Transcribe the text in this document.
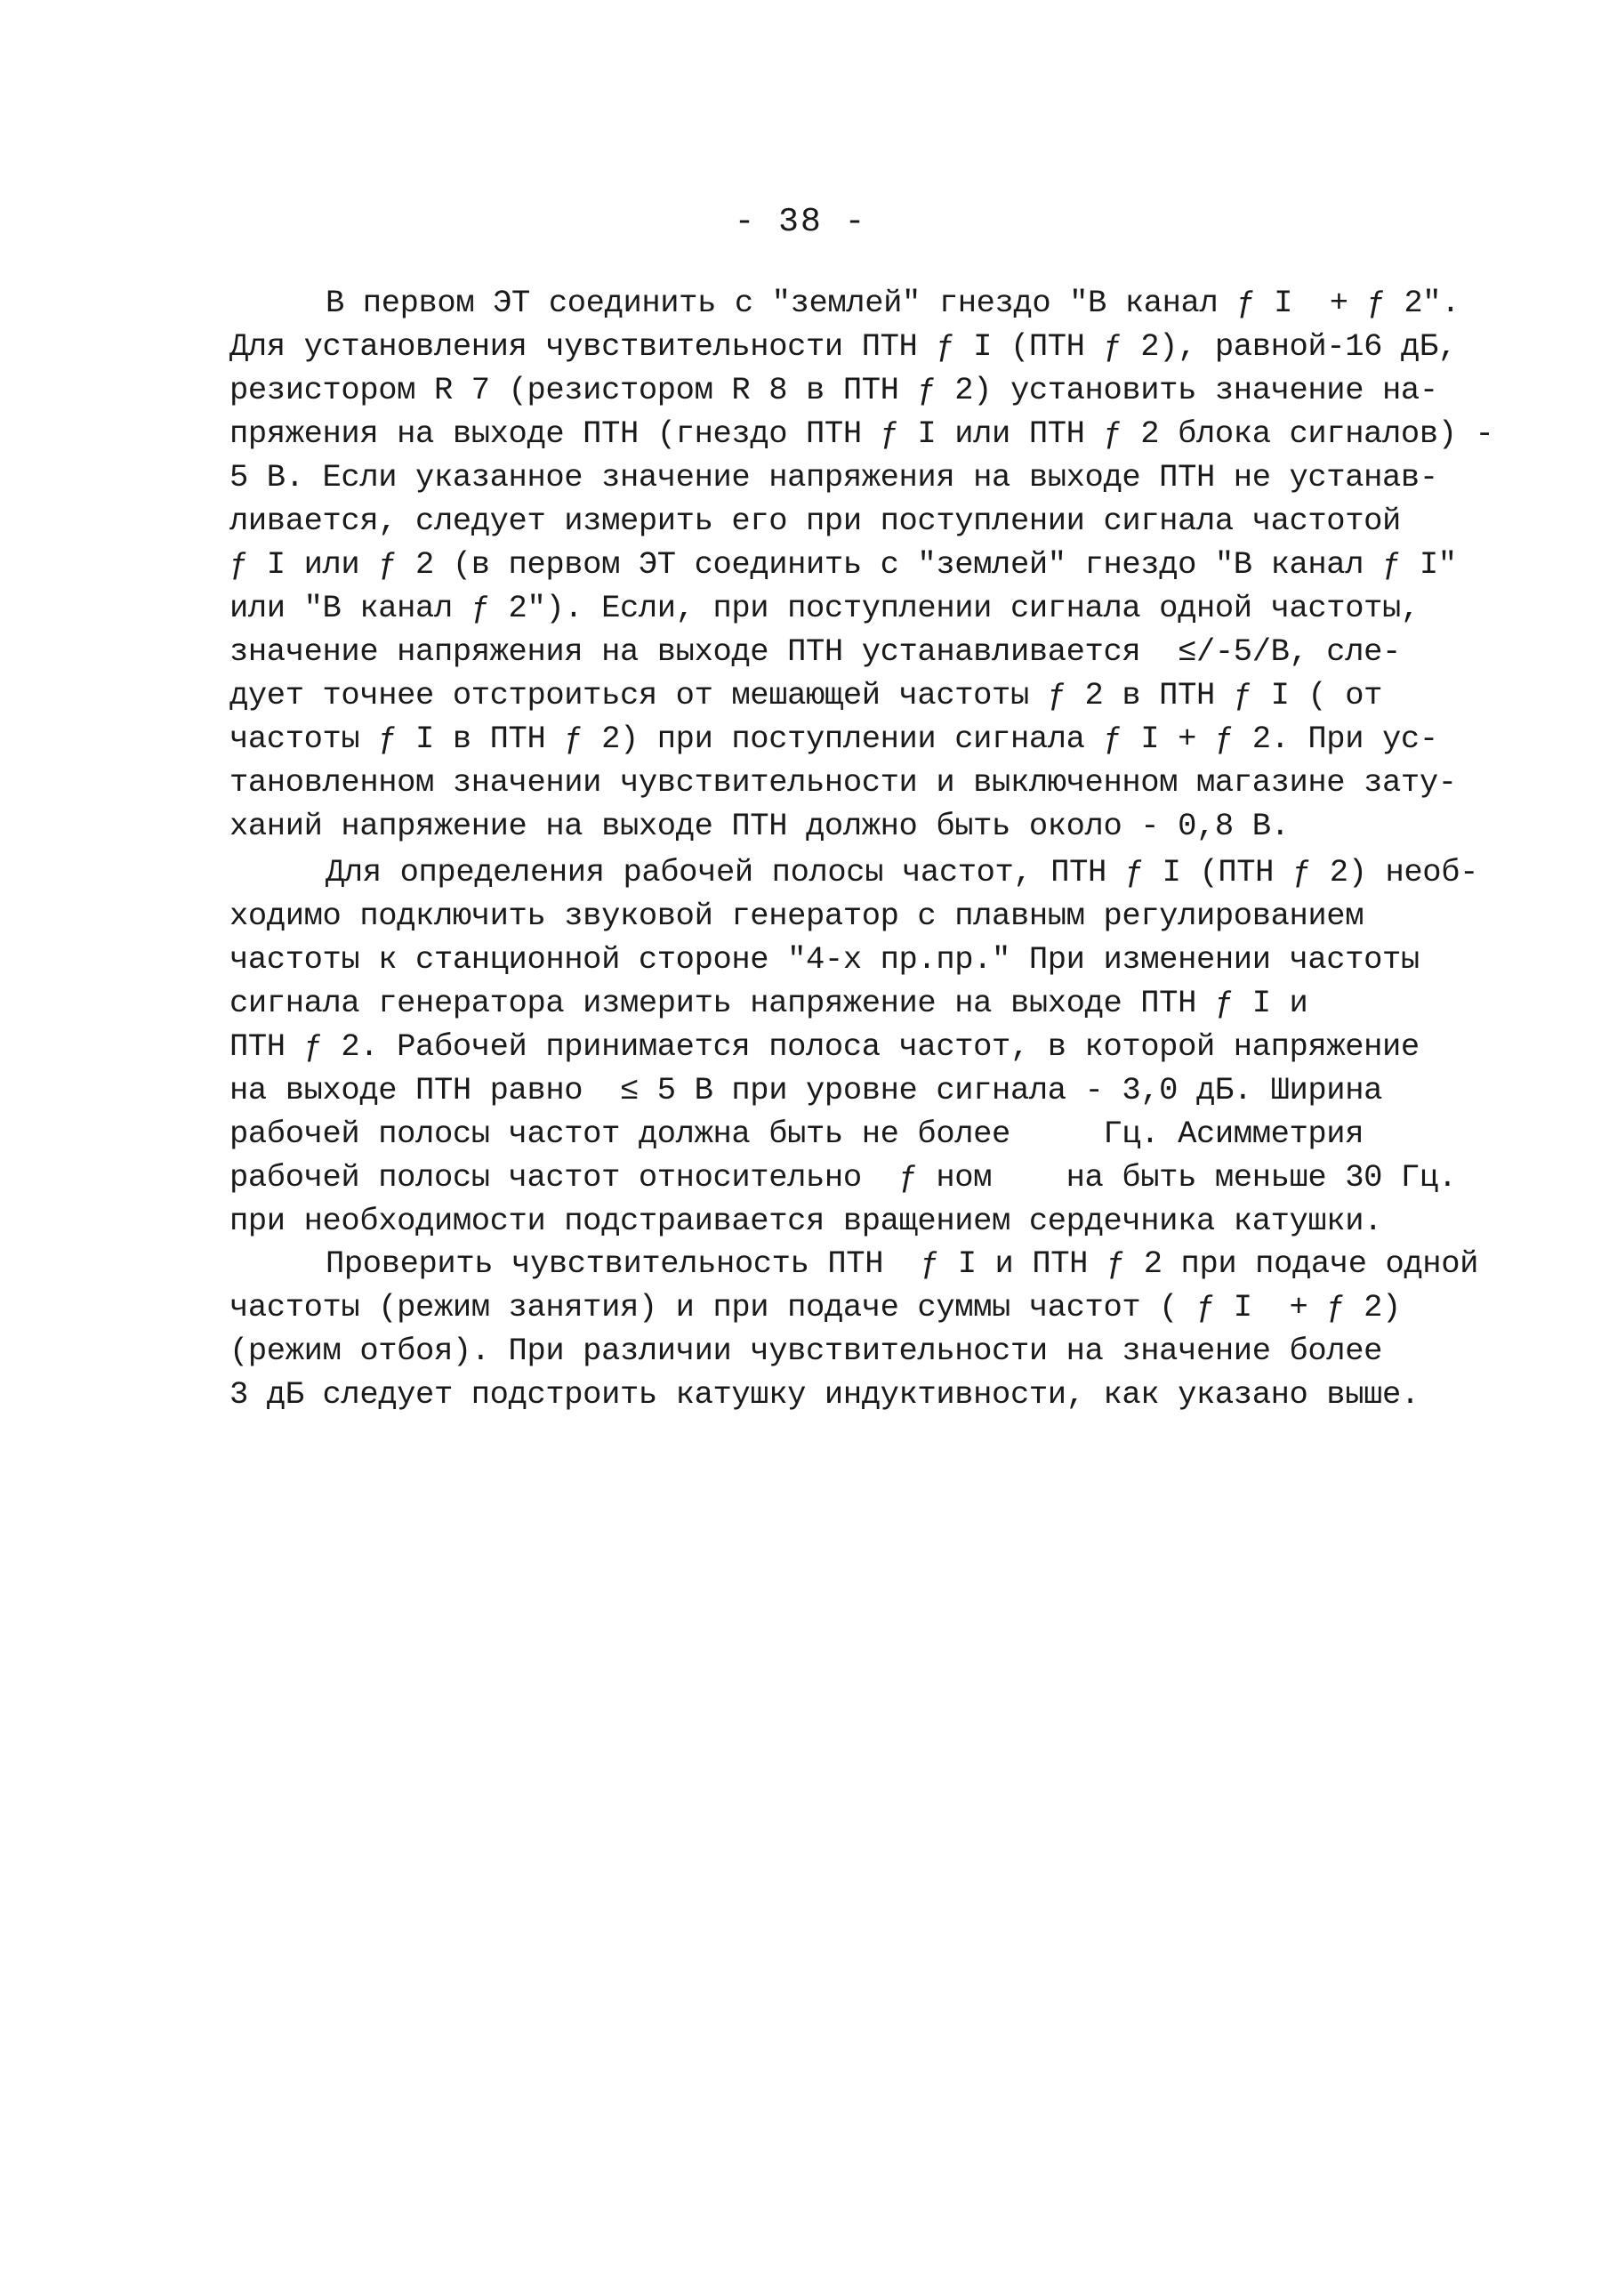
- 38 -
В первом ЭТ соединить с "землей" гнездо "В канал ƒ I  + ƒ 2".
Для установления чувствительности ПТН ƒ I (ПТН ƒ 2), равной-16 дБ,
резистором R 7 (резистором R 8 в ПТН ƒ 2) установить значение на-
пряжения на выходе ПТН (гнездо ПТН ƒ I или ПТН ƒ 2 блока сигналов) -
5 В. Если указанное значение напряжения на выходе ПТН не устанав-
ливается, следует измерить его при поступлении сигнала частотой
ƒ I или ƒ 2 (в первом ЭТ соединить с "землей" гнездо "В канал ƒ I"
или "В канал ƒ 2"). Если, при поступлении сигнала одной частоты,
значение напряжения на выходе ПТН устанавливается  ≤/-5/В, сле-
дует точнее отстроиться от мешающей частоты ƒ 2 в ПТН ƒ I ( от
частоты ƒ I в ПТН ƒ 2) при поступлении сигнала ƒ I + ƒ 2. При ус-
тановленном значении чувствительности и выключенном магазине зату-
ханий напряжение на выходе ПТН должно быть около - 0,8 В.
Для определения рабочей полосы частот, ПТН ƒ I (ПТН ƒ 2) необ-
ходимо подключить звуковой генератор с плавным регулированием
частоты к станционной стороне "4-х пр.пр." При изменении частоты
сигнала генератора измерить напряжение на выходе ПТН ƒ I и
ПТН ƒ 2. Рабочей принимается полоса частот, в которой напряжение
на выходе ПТН равно  ≤ 5 В при уровне сигнала - 3,0 дБ. Ширина
рабочей полосы частот должна быть не более     Гц. Асимметрия
рабочей полосы частот относительно  ƒ ном    на быть меньше 30 Гц.
при необходимости подстраивается вращением сердечника катушки.
Проверить чувствительность ПТН  ƒ I и ПТН ƒ 2 при подаче одной
частоты (режим занятия) и при подаче суммы частот ( ƒ I  + ƒ 2)
(режим отбоя). При различии чувствительности на значение более
3 дБ следует подстроить катушку индуктивности, как указано выше.
